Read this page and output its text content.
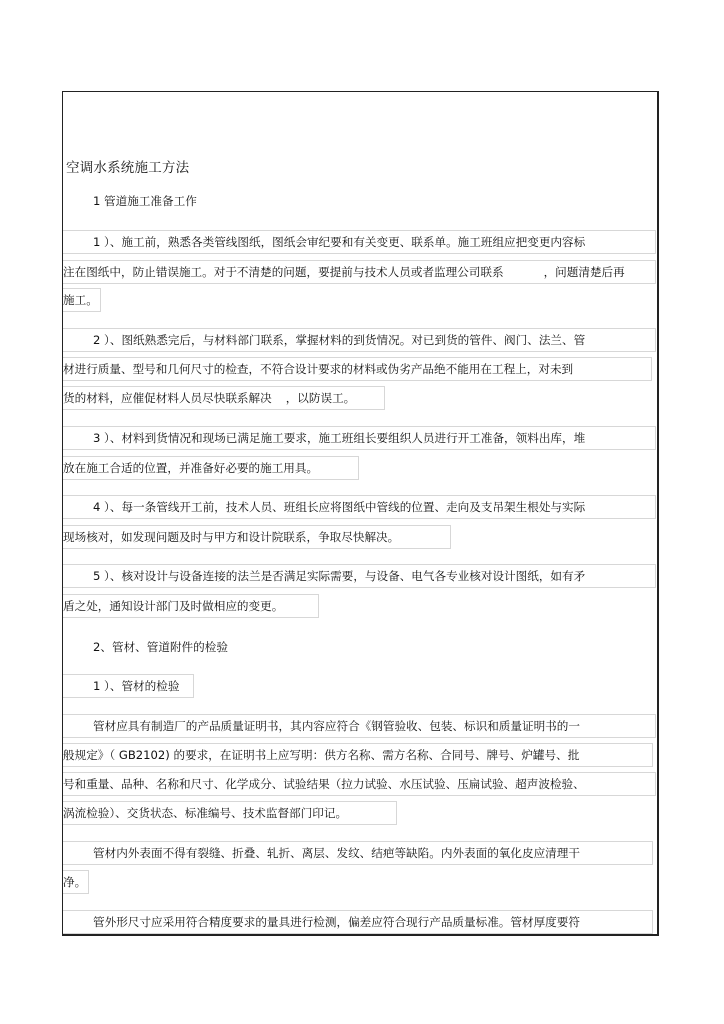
空调水系统施工方法
1 管道施工准备工作
1 ）、施工前，熟悉各类管线图纸，图纸会审纪要和有关变更、联系单。施工班组应把变更内容标
注在图纸中，防止错误施工。对于不清楚的问题，要提前与技术人员或者监理公司联系	，问题清楚后再
施工。
2 ）、图纸熟悉完后，与材料部门联系，掌握材料的到货情况。对已到货的管件、阀门、法兰、管
材进行质量、型号和几何尺寸的检查，不符合设计要求的材料或伪劣产品绝不能用在工程上，对未到
货的材料，应催促材料人员尽快联系解决 ，以防误工。
3 ）、材料到货情况和现场已满足施工要求，施工班组长要组织人员进行开工准备，领料出库，堆
放在施工合适的位置，并准备好必要的施工用具。
4 ）、每一条管线开工前，技术人员、班组长应将图纸中管线的位置、走向及支吊架生根处与实际
现场核对，如发现问题及时与甲方和设计院联系，争取尽快解决。
5 ）、核对设计与设备连接的法兰是否满足实际需要，与设备、电气各专业核对设计图纸，如有矛
盾之处，通知设计部门及时做相应的变更。
2、管材、管道附件的检验
1 ）、管材的检验
管材应具有制造厂的产品质量证明书，其内容应符合《钢管验收、包装、标识和质量证明书的一
般规定》（ GB2102) 的要求，在证明书上应写明：供方名称、需方名称、合同号、牌号、炉罐号、批
号和重量、品种、名称和尺寸、化学成分、试验结果（拉力试验、水压试验、压扁试验、超声波检验、
涡流检验）、交货状态、标准编号、技术监督部门印记。
管材内外表面不得有裂缝、折叠、轧折、离层、发纹、结疤等缺陷。内外表面的氧化皮应清理干
净。
管外形尺寸应采用符合精度要求的量具进行检测，偏差应符合现行产品质量标准。管材厚度要符
